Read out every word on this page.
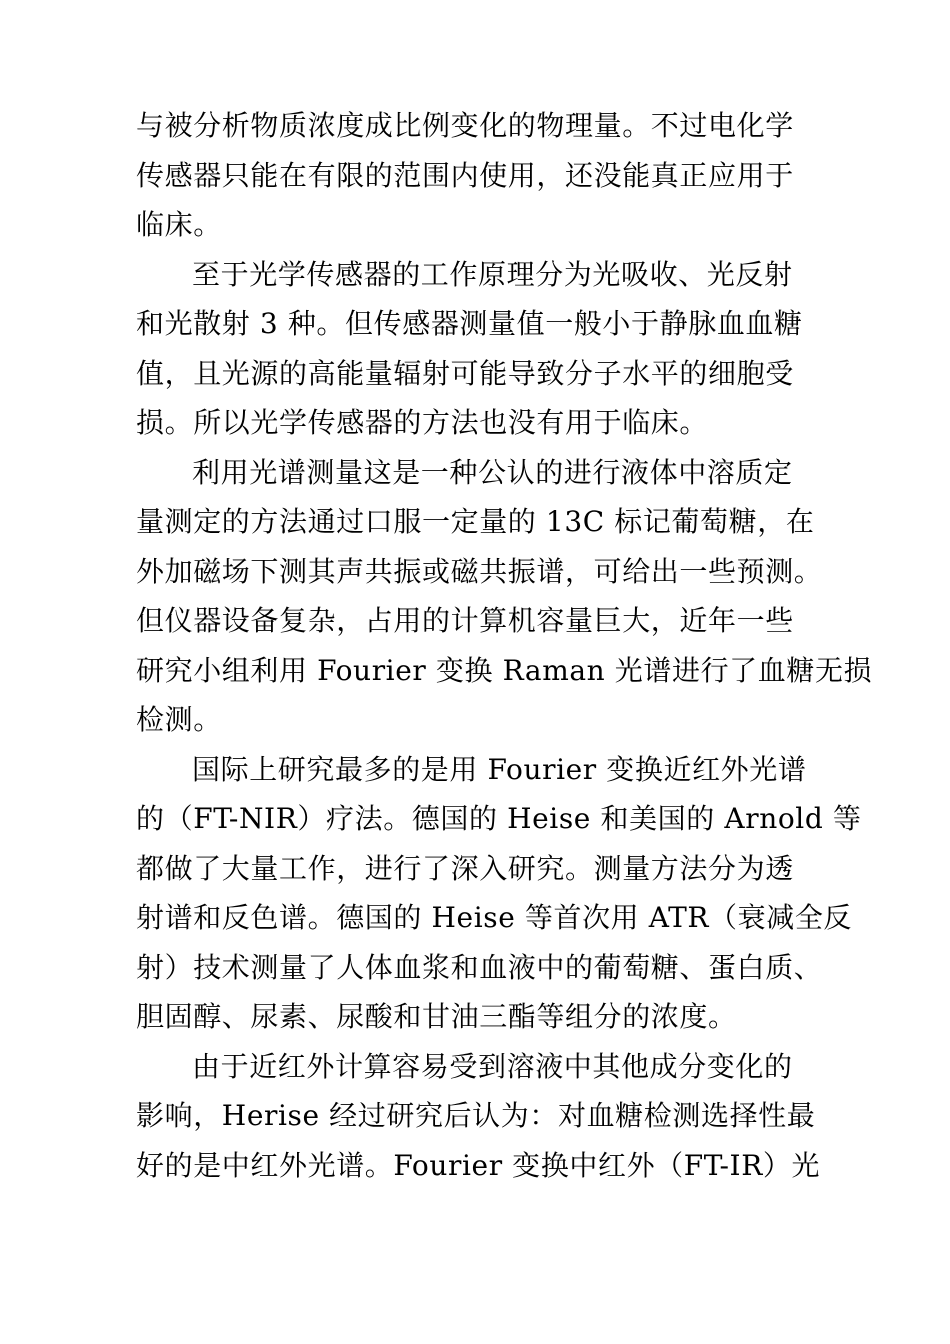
与被分析物质浓度成比例变化的物理量。不过电化学
传感器只能在有限的范围内使用，还没能真正应用于
临床。
至于光学传感器的工作原理分为光吸收、光反射
和光散射 3 种。但传感器测量值一般小于静脉血血糖
值，且光源的高能量辐射可能导致分子水平的细胞受
损。所以光学传感器的方法也没有用于临床。
利用光谱测量这是一种公认的进行液体中溶质定
量测定的方法通过口服一定量的 13C 标记葡萄糖，在
外加磁场下测其声共振或磁共振谱，可给出一些预测。
但仪器设备复杂，占用的计算机容量巨大，近年一些
研究小组利用 Fourier 变换 Raman 光谱进行了血糖无损
检测。
国际上研究最多的是用 Fourier 变换近红外光谱
的（FT-NIR）疗法。德国的 Heise 和美国的 Arnold 等
都做了大量工作，进行了深入研究。测量方法分为透
射谱和反色谱。德国的 Heise 等首次用 ATR（衰减全反
射）技术测量了人体血浆和血液中的葡萄糖、蛋白质、
胆固醇、尿素、尿酸和甘油三酯等组分的浓度。
由于近红外计算容易受到溶液中其他成分变化的
影响，Herise 经过研究后认为：对血糖检测选择性最
好的是中红外光谱。Fourier 变换中红外（FT-IR）光
